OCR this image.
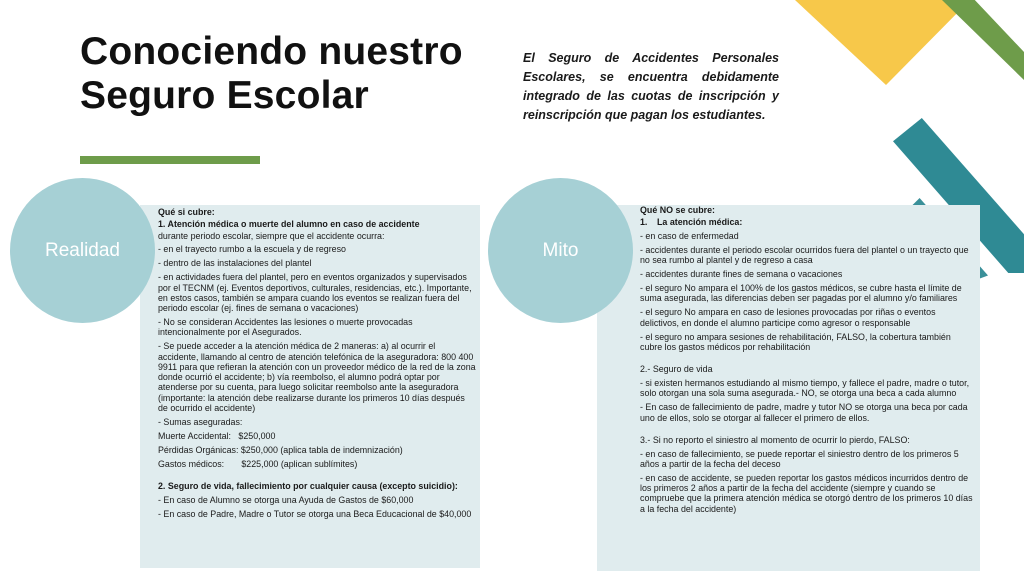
Conociendo nuestro Seguro Escolar
El Seguro de Accidentes Personales Escolares, se encuentra debidamente integrado de las cuotas de inscripción y reinscripción que pagan los estudiantes.
Realidad	Mito

Qué si cubre:

1. Atención médica o muerte del alumno en caso de accidente

durante periodo escolar, siempre que el accidente ocurra:

- en el trayecto rumbo a la escuela y de regreso

- dentro de las instalaciones del plantel

- en actividades fuera del plantel, pero en eventos organizados y supervisados por el TECNM (ej. Eventos deportivos, culturales, residencias, etc.). Importante, en estos casos, también se ampara cuando los eventos se realizan fuera del periodo escolar (ej. fines de semana o vacaciones)

- No se consideran Accidentes las lesiones o muerte provocadas intencionalmente por el Asegurados.

- Se puede acceder a la atención médica de 2 maneras: a) al ocurrir el accidente, llamando al centro de atención telefónica de la aseguradora: 800 400 9911 para que refieran la atención con un proveedor médico de la red de la zona donde ocurrió el accidente; b) vía reembolso, el alumno podrá optar por atenderse por su cuenta, para luego solicitar reembolso ante la aseguradora (importante: la atención debe realizarse durante los primeros 10 días después de ocurrido el accidente)

- Sumas aseguradas:

Muerte Accidental:   $250,000

Pérdidas Orgánicas: $250,000 (aplica tabla de indemnización)

Gastos médicos:       $225,000 (aplican sublímites)

2. Seguro de vida, fallecimiento por cualquier causa (excepto suicidio):

- En caso de Alumno se otorga una Ayuda de Gastos de $60,000

- En caso de Padre, Madre o Tutor se otorga una Beca Educacional de $40,000

Qué NO se cubre:

1.	La atención médica:

- en caso de enfermedad

- accidentes durante el periodo escolar ocurridos fuera del plantel o un trayecto que no sea rumbo al plantel y de regreso a casa

- accidentes durante fines de semana o vacaciones

- el seguro No ampara el 100% de los gastos médicos, se cubre hasta el límite de suma asegurada, las diferencias deben ser pagadas por el alumno y/o familiares

- el seguro No ampara en caso de lesiones provocadas por riñas o eventos delictivos, en donde el alumno participe como agresor o responsable

- el seguro no ampara sesiones de rehabilitación, FALSO, la cobertura también cubre los gastos médicos por rehabilitación

2.- Seguro de vida

- si existen hermanos estudiando al mismo tiempo, y fallece el padre, madre o tutor, solo otorgan una sola suma asegurada.- NO, se otorga una beca a cada alumno

- En caso de fallecimiento de padre, madre y tutor NO se otorga una beca por cada uno de ellos, solo se otorgar al fallecer el primero de ellos.

3.- Si no reporto el siniestro al momento de ocurrir lo pierdo, FALSO:

- en caso de fallecimiento, se puede reportar el siniestro dentro de los primeros 5 años a partir de la fecha del deceso

- en caso de accidente, se pueden reportar los gastos médicos incurridos dentro de los primeros 2 años a partir de la fecha del accidente (siempre y cuando se compruebe que la primera atención médica se otorgó dentro de los primeros 10 días a la fecha del accidente)
